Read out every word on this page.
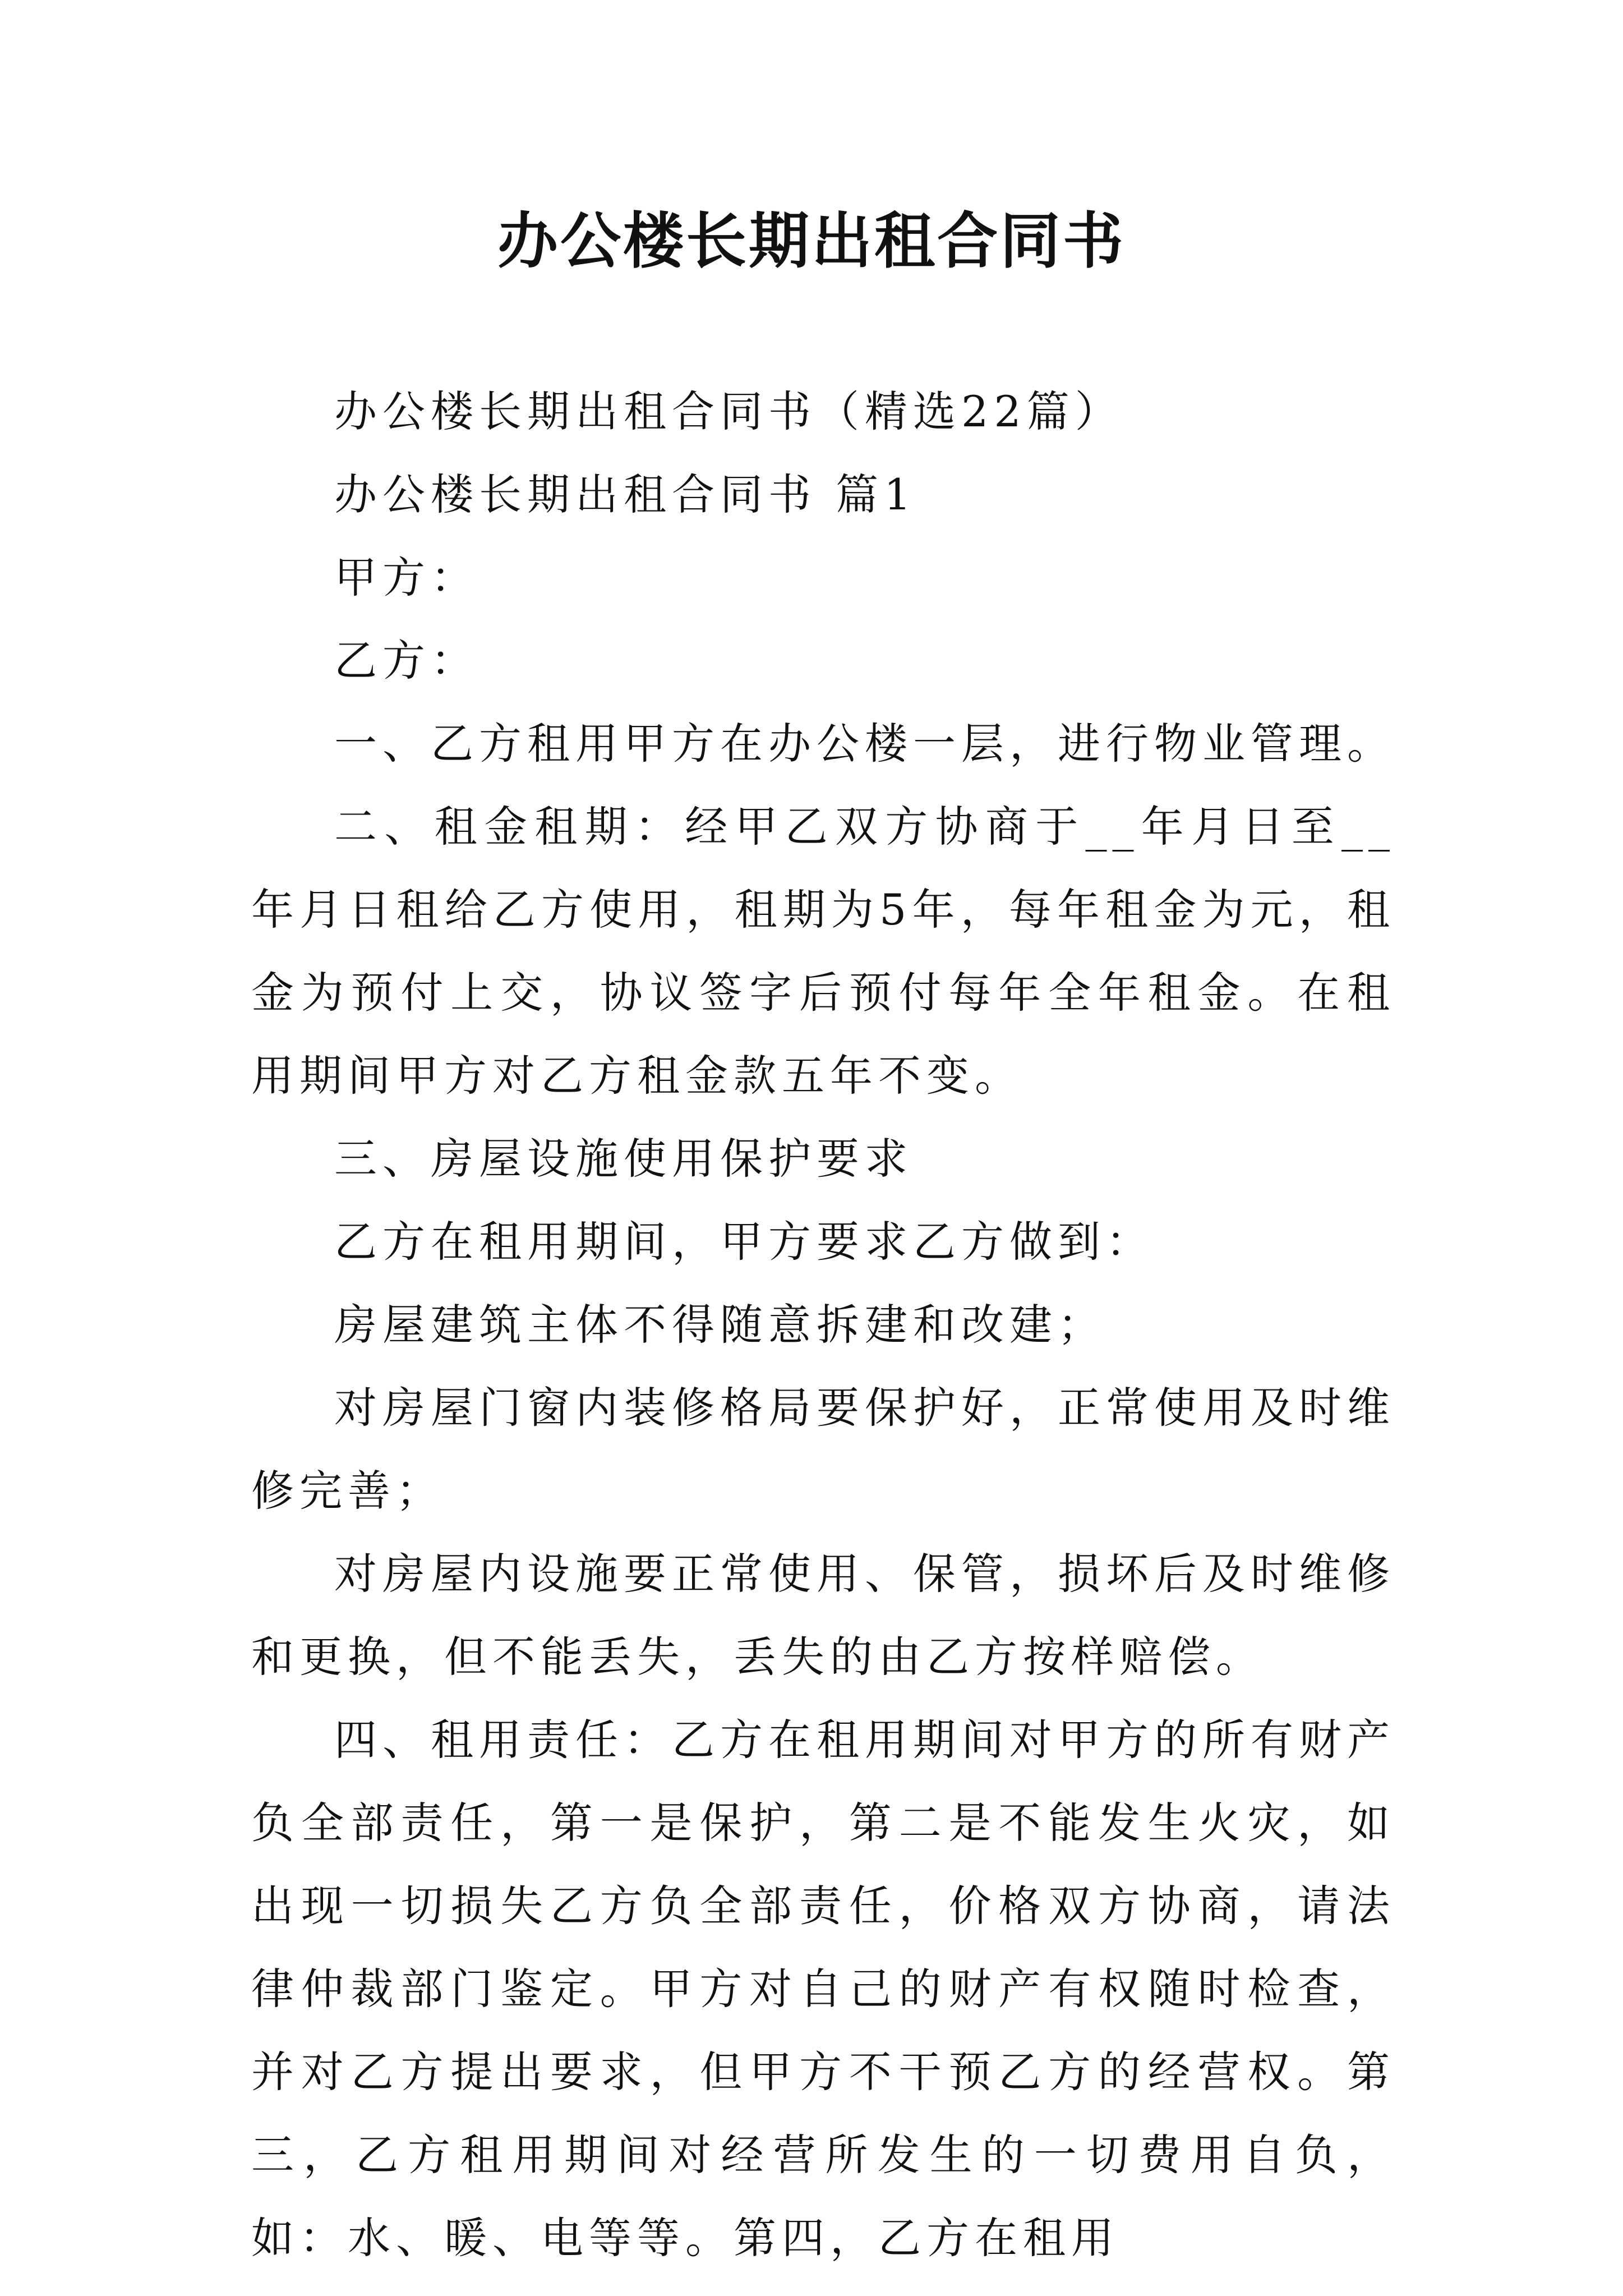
办公楼长期出租合同书

办公楼长期出租合同书（精选22篇）

办公楼长期出租合同书 篇1

甲方：

乙方：

一、乙方租用甲方在办公楼一层，进行物业管理。

二、租金租期：经甲乙双方协商于__年月日至__年月日租给乙方使用，租期为5年，每年租金为元，租金为预付上交，协议签字后预付每年全年租金。在租用期间甲方对乙方租金款五年不变。

三、房屋设施使用保护要求

乙方在租用期间，甲方要求乙方做到：

房屋建筑主体不得随意拆建和改建；

对房屋门窗内装修格局要保护好，正常使用及时维修完善；

对房屋内设施要正常使用、保管，损坏后及时维修和更换，但不能丢失，丢失的由乙方按样赔偿。

四、租用责任：乙方在租用期间对甲方的所有财产负全部责任，第一是保护，第二是不能发生火灾，如出现一切损失乙方负全部责任，价格双方协商，请法律仲裁部门鉴定。甲方对自己的财产有权随时检查，并对乙方提出要求，但甲方不干预乙方的经营权。第三，乙方租用期间对经营所发生的一切费用自负，如：水、暖、电等等。第四，乙方在租用
